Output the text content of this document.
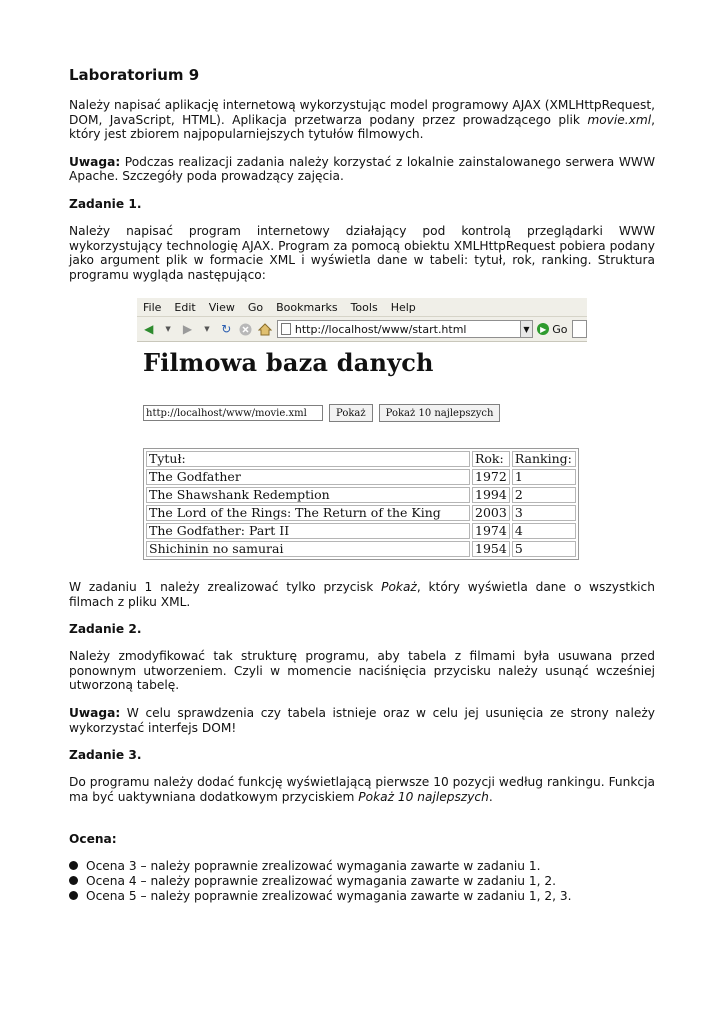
Laboratorium 9

Należy napisać aplikację internetową wykorzystując model programowy AJAX (XMLHttpRequest, DOM, JavaScript, HTML). Aplikacja przetwarza podany przez prowadzącego plik movie.xml, który jest zbiorem najpopularniejszych tytułów filmowych.

Uwaga: Podczas realizacji zadania należy korzystać z lokalnie zainstalowanego serwera WWW Apache. Szczegóły poda prowadzący zajęcia.

Zadanie 1.

Należy napisać program internetowy działający pod kontrolą przeglądarki WWW wykorzystujący technologię AJAX. Program za pomocą obiektu XMLHttpRequest pobiera podany jako argument plik w formacie XML i wyświetla dane w tabeli: tytuł, rok, ranking. Struktura programu wygląda następująco:

File Edit View Go Bookmarks Tools Help
◀	▼	▶	▼ ↻	http://localhost/www/start.html	▼	▶ Go
Filmowa baza danych
http://localhost/www/movie.xml	Pokaż	Pokaż 10 najlepszych
Tytuł:	Rok:	Ranking:
The Godfather	1972	1
The Shawshank Redemption	1994	2
The Lord of the Rings: The Return of the King	2003	3
The Godfather: Part II	1974	4
Shichinin no samurai	1954	5

W zadaniu 1 należy zrealizować tylko przycisk Pokaż, który wyświetla dane o wszystkich filmach z pliku XML.

Zadanie 2.

Należy zmodyfikować tak strukturę programu, aby tabela z filmami była usuwana przed ponownym utworzeniem. Czyli w momencie naciśnięcia przycisku należy usunąć wcześniej utworzoną tabelę.

Uwaga: W celu sprawdzenia czy tabela istnieje oraz w celu jej usunięcia ze strony należy wykorzystać interfejs DOM!

Zadanie 3.

Do programu należy dodać funkcję wyświetlającą pierwsze 10 pozycji według rankingu. Funkcja ma być uaktywniana dodatkowym przyciskiem Pokaż 10 najlepszych.

Ocena:
Ocena 3 – należy poprawnie zrealizować wymagania zawarte w zadaniu 1.
Ocena 4 – należy poprawnie zrealizować wymagania zawarte w zadaniu 1, 2.
Ocena 5 – należy poprawnie zrealizować wymagania zawarte w zadaniu 1, 2, 3.
